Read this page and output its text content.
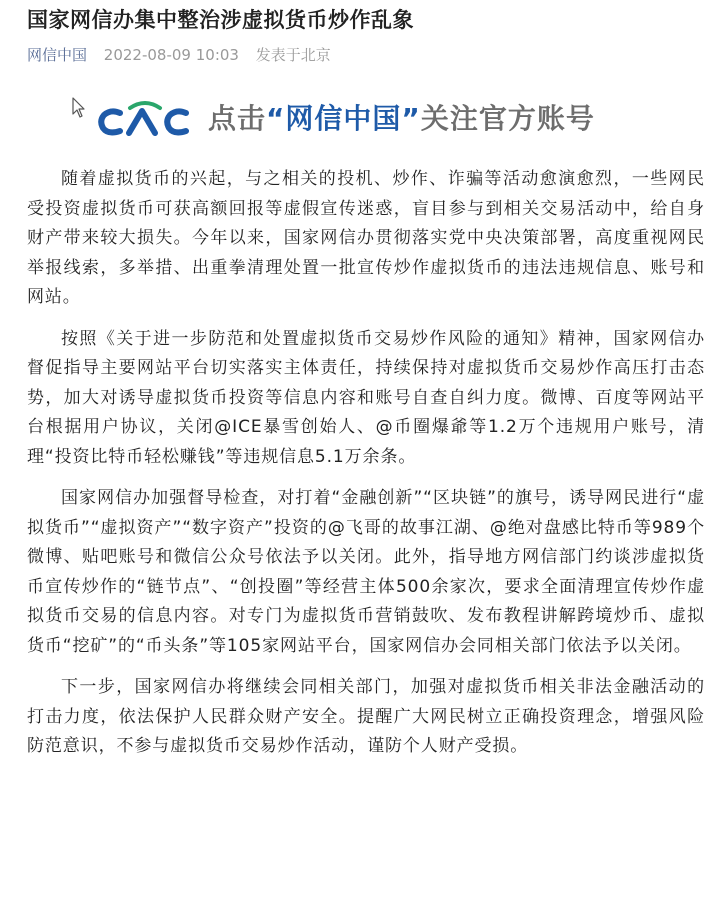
国家网信办集中整治涉虚拟货币炒作乱象
网信中国 2022-08-09 10:03 发表于北京
点击“网信中国”关注官方账号

随着虚拟货币的兴起，与之相关的投机、炒作、诈骗等活动愈演愈烈，一些网民受投资虚拟货币可获高额回报等虚假宣传迷惑，盲目参与到相关交易活动中，给自身财产带来较大损失。今年以来，国家网信办贯彻落实党中央决策部署，高度重视网民举报线索，多举措、出重拳清理处置一批宣传炒作虚拟货币的违法违规信息、账号和网站。

按照《关于进一步防范和处置虚拟货币交易炒作风险的通知》精神，国家网信办督促指导主要网站平台切实落实主体责任，持续保持对虚拟货币交易炒作高压打击态势，加大对诱导虚拟货币投资等信息内容和账号自查自纠力度。微博、百度等网站平台根据用户协议，关闭@ICE暴雪创始人、@币圈爆爺等1.2万个违规用户账号，清理“投资比特币轻松赚钱”等违规信息5.1万余条。

国家网信办加强督导检查，对打着“金融创新”“区块链”的旗号，诱导网民进行“虚拟货币”“虚拟资产”“数字资产”投资的@飞哥的故事江湖、@绝对盘感比特币等989个微博、贴吧账号和微信公众号依法予以关闭。此外，指导地方网信部门约谈涉虚拟货币宣传炒作的“链节点”、“创投圈”等经营主体500余家次，要求全面清理宣传炒作虚拟货币交易的信息内容。对专门为虚拟货币营销鼓吹、发布教程讲解跨境炒币、虚拟货币“挖矿”的“币头条”等105家网站平台，国家网信办会同相关部门依法予以关闭。

下一步，国家网信办将继续会同相关部门，加强对虚拟货币相关非法金融活动的打击力度，依法保护人民群众财产安全。提醒广大网民树立正确投资理念，增强风险防范意识，不参与虚拟货币交易炒作活动，谨防个人财产受损。
